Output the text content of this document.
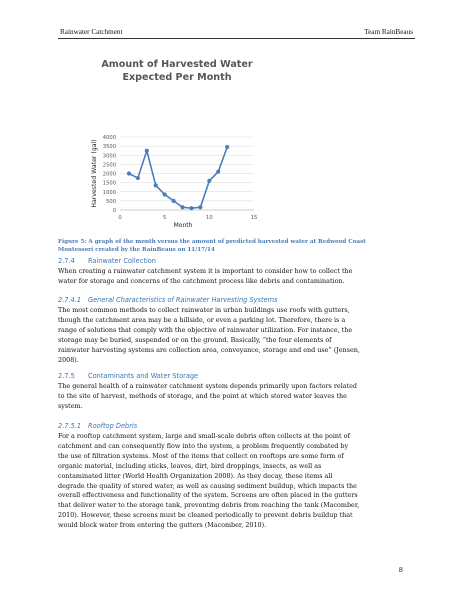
Rainwater Catchment	Team RainBeaus
Amount of Harvested Water
Expected Per Month
0
500
1000
1500
2000
2500
3000
3500
4000
0	5	10	15
Month
Harvested Water (gal)
Figure 5: A graph of the month versus the amount of predicted harvested water at Redwood Coast
Montessori created by the RainBeaus on 11/17/14
2.7.4 Rainwater Collection
When creating a rainwater catchment system it is important to consider how to collect the
water for storage and concerns of the catchment process like debris and contamination.
2.7.4.1 General Characteristics of Rainwater Harvesting Systems
The most common methods to collect rainwater in urban buildings use roofs with gutters,
though the catchment area may be a hillside, or even a parking lot. Therefore, there is a
range of solutions that comply with the objective of rainwater utilization. For instance, the
storage may be buried, suspended or on the ground. Basically, “the four elements of
rainwater harvesting systems are collection area, conveyance, storage and end use” (Jensen,
2008).
2.7.5 Contaminants and Water Storage
The general health of a rainwater catchment system depends primarily upon factors related
to the site of harvest, methods of storage, and the point at which stored water leaves the
system.
2.7.5.1 Rooftop Debris
For a rooftop catchment system, large and small-scale debris often collects at the point of
catchment and can consequently flow into the system, a problem frequently combated by
the use of filtration systems. Most of the items that collect on rooftops are some form of
organic material, including sticks, leaves, dirt, bird droppings, insects, as well as
contaminated litter (World Health Organization 2008). As they decay, these items all
degrade the quality of stored water, as well as causing sediment buildup, which impacts the
overall effectiveness and functionality of the system. Screens are often placed in the gutters
that deliver water to the storage tank, preventing debris from reaching the tank (Macomber,
2010). However, these screens must be cleaned periodically to prevent debris buildup that
would block water from entering the gutters (Macomber, 2010).
8
